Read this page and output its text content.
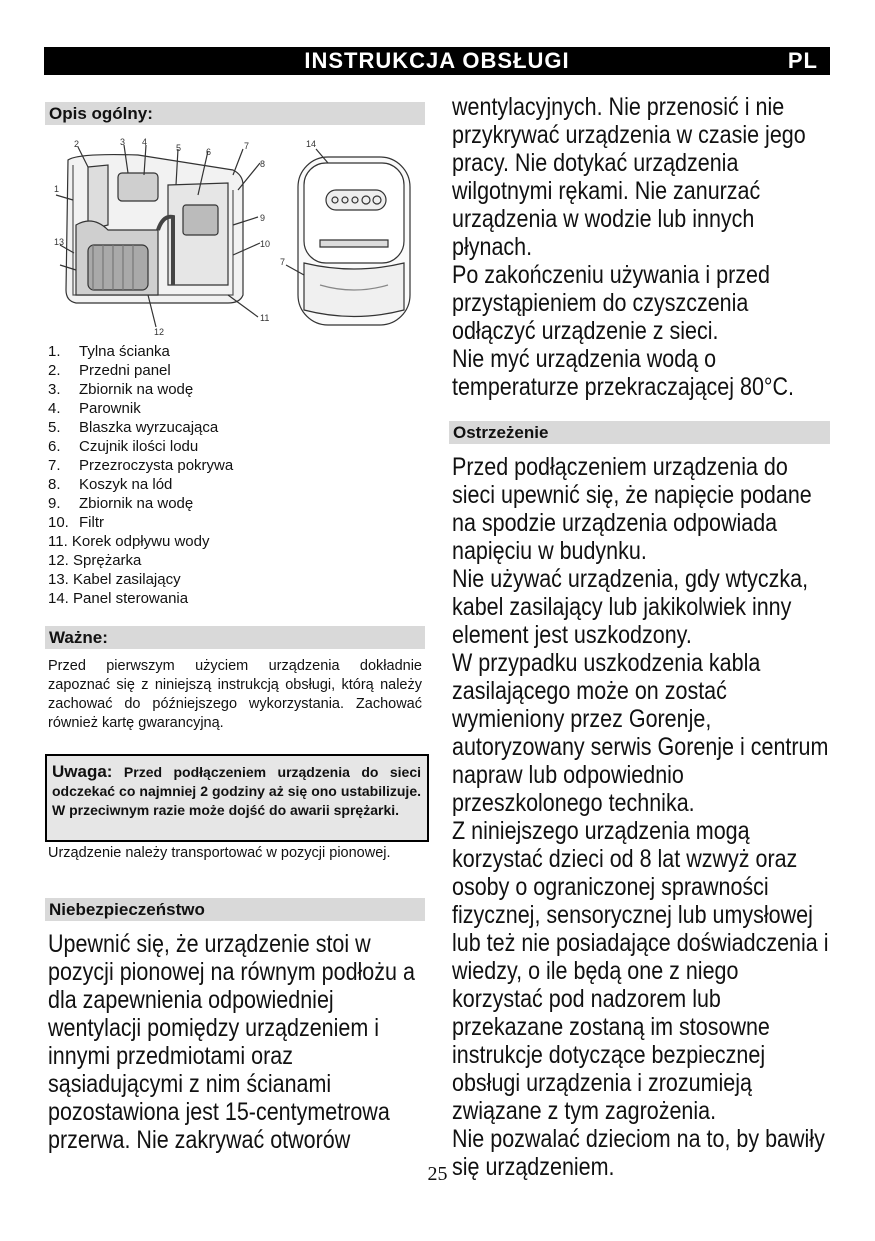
INSTRUKCJA OBSŁUGI	PL
Opis ogólny:
1
2	3 4
5	6
7
8
9
10
11
12
13
14
7
1. Tylna ścianka
2. Przedni panel
3. Zbiornik na wodę
4. Parownik
5. Blaszka wyrzucająca
6. Czujnik ilości lodu
7. Przezroczysta pokrywa
8. Koszyk na lód
9. Zbiornik na wodę
10. Filtr
11. Korek odpływu wody
12. Sprężarka
13. Kabel zasilający
14. Panel sterowania
Ważne:

Przed pierwszym użyciem urządzenia dokładnie zapoznać się z niniejszą instrukcją obsługi, którą należy zachować do późniejszego wykorzystania. Zachować również kartę gwarancyjną.

Uwaga: Przed podłączeniem urządzenia do sieci odczekać co najmniej 2 godziny aż się ono ustabilizuje. W przeciwnym razie może dojść do awarii sprężarki.

Urządzenie należy transportować w pozycji pionowej.

Niebezpieczeństwo

Upewnić się, że urządzenie stoi w pozycji pionowej na równym podłożu a dla zapewnienia odpowiedniej wentylacji pomiędzy urządzeniem i innymi przedmiotami oraz sąsiadującymi z nim ścianami pozostawiona jest 15-centymetrowa przerwa. Nie zakrywać otworów

wentylacyjnych. Nie przenosić i nie przykrywać urządzenia w czasie jego pracy. Nie dotykać urządzenia wilgotnymi rękami. Nie zanurzać urządzenia w wodzie lub innych płynach.

Po zakończeniu używania i przed przystąpieniem do czyszczenia odłączyć urządzenie z sieci.

Nie myć urządzenia wodą o temperaturze przekraczającej 80°C.

Ostrzeżenie

Przed podłączeniem urządzenia do sieci upewnić się, że napięcie podane na spodzie urządzenia odpowiada napięciu w budynku.

Nie używać urządzenia, gdy wtyczka, kabel zasilający lub jakikolwiek inny element jest uszkodzony.

W przypadku uszkodzenia kabla zasilającego może on zostać wymieniony przez Gorenje, autoryzowany serwis Gorenje i centrum napraw lub odpowiednio przeszkolonego technika.

Z niniejszego urządzenia mogą korzystać dzieci od 8 lat wzwyż oraz osoby o ograniczonej sprawności fizycznej, sensorycznej lub umysłowej lub też nie posiadające doświadczenia i wiedzy, o ile będą one z niego korzystać pod nadzorem lub przekazane zostaną im stosowne instrukcje dotyczące bezpiecznej obsługi urządzenia i zrozumieją związane z tym zagrożenia.

Nie pozwalać dzieciom na to, by bawiły się urządzeniem.

25
